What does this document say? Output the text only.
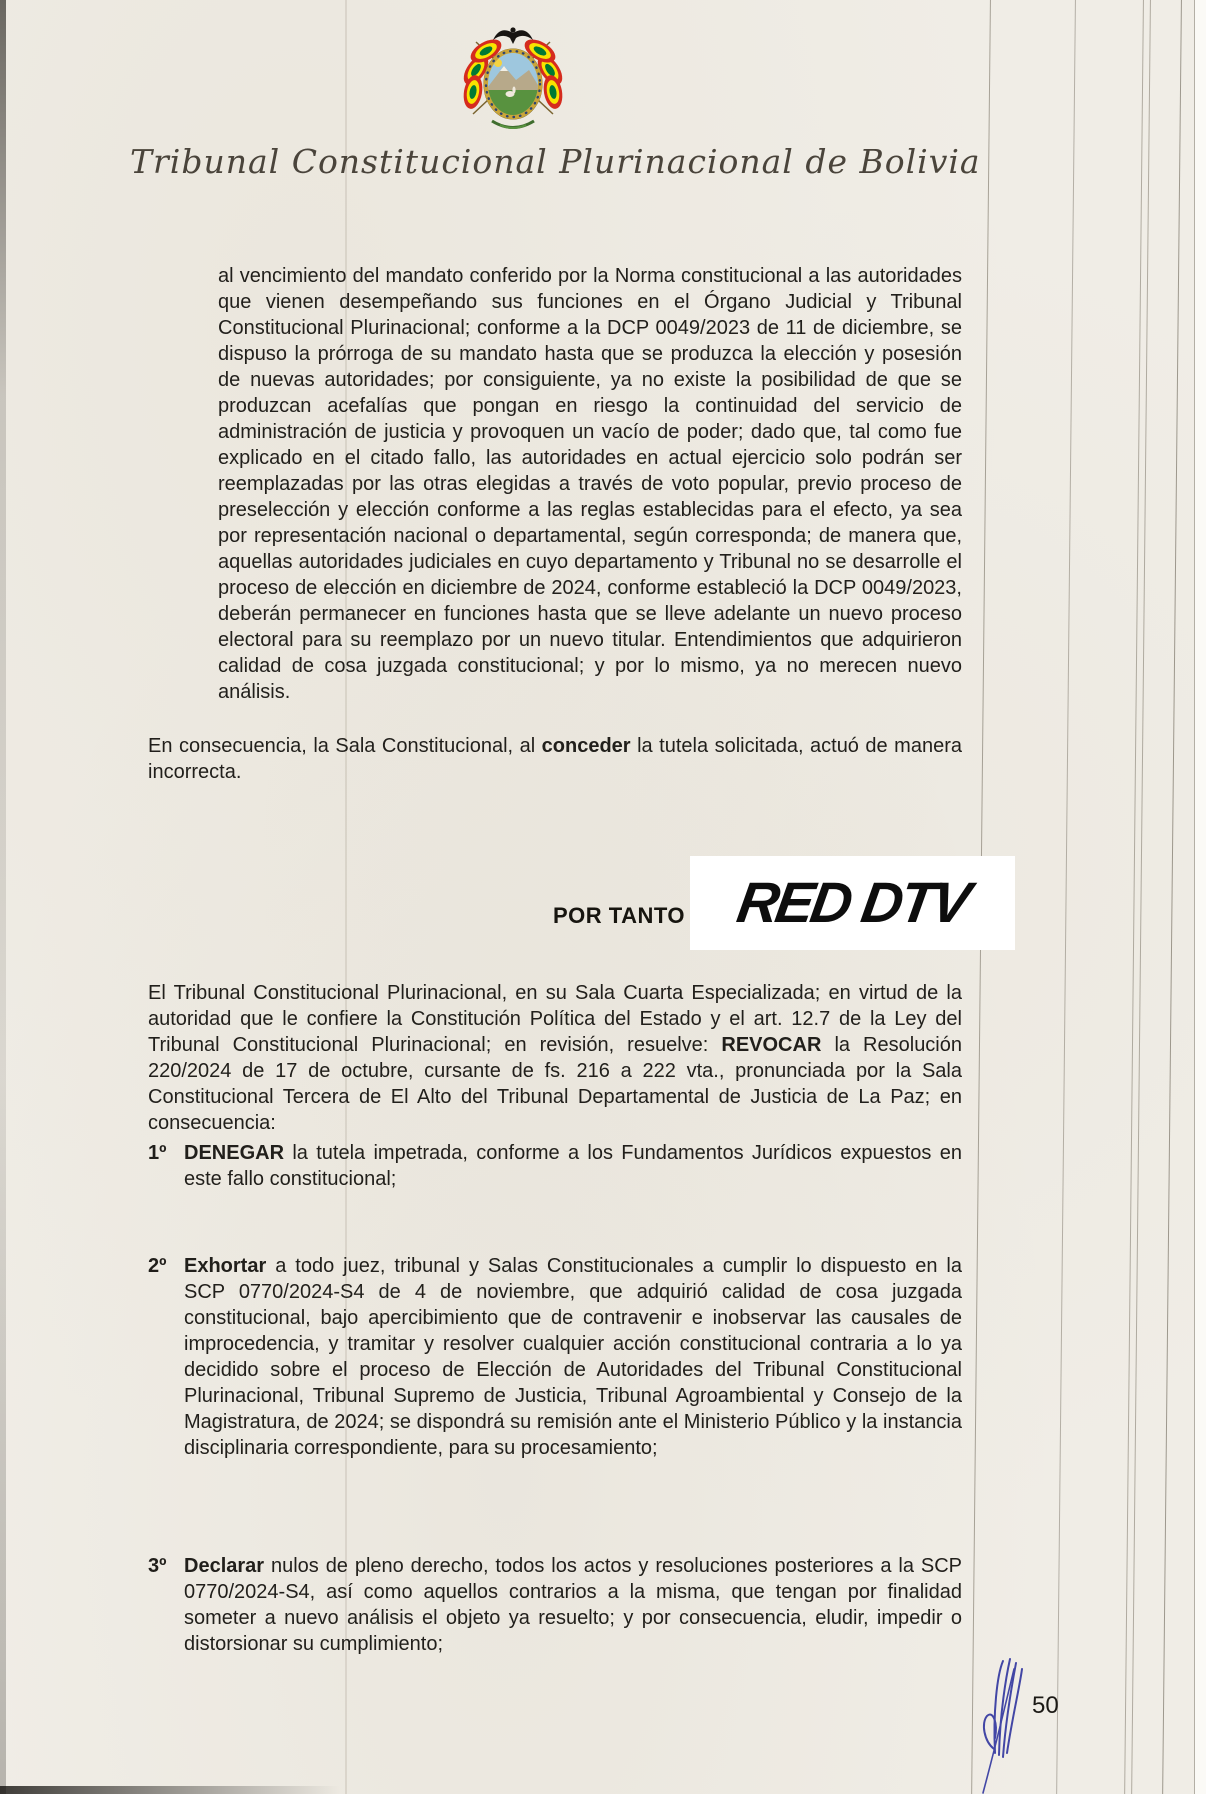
Tribunal Constitucional Plurinacional de Bolivia

al vencimiento del mandato conferido por la Norma constitucional a las autoridades que vienen desempeñando sus funciones en el Órgano Judicial y Tribunal Constitucional Plurinacional; conforme a la DCP 0049/2023 de 11 de diciembre, se dispuso la prórroga de su mandato hasta que se produzca la elección y posesión de nuevas autoridades; por consiguiente, ya no existe la posibilidad de que se produzcan acefalías que pongan en riesgo la continuidad del servicio de administración de justicia y provoquen un vacío de poder; dado que, tal como fue explicado en el citado fallo, las autoridades en actual ejercicio solo podrán ser reemplazadas por las otras elegidas a través de voto popular, previo proceso de preselección y elección conforme a las reglas establecidas para el efecto, ya sea por representación nacional o departamental, según corresponda; de manera que, aquellas autoridades judiciales en cuyo departamento y Tribunal no se desarrolle el proceso de elección en diciembre de 2024, conforme estableció la DCP 0049/2023, deberán permanecer en funciones hasta que se lleve adelante un nuevo proceso electoral para su reemplazo por un nuevo titular. Entendimientos que adquirieron calidad de cosa juzgada constitucional; y por lo mismo, ya no merecen nuevo análisis.

En consecuencia, la Sala Constitucional, al conceder la tutela solicitada, actuó de manera incorrecta.

POR TANTO RED DTV

El Tribunal Constitucional Plurinacional, en su Sala Cuarta Especializada; en virtud de la autoridad que le confiere la Constitución Política del Estado y el art. 12.7 de la Ley del Tribunal Constitucional Plurinacional; en revisión, resuelve: REVOCAR la Resolución 220/2024 de 17 de octubre, cursante de fs. 216 a 222 vta., pronunciada por la Sala Constitucional Tercera de El Alto del Tribunal Departamental de Justicia de La Paz; en consecuencia:

1º DENEGAR la tutela impetrada, conforme a los Fundamentos Jurídicos expuestos en este fallo constitucional;

2º Exhortar a todo juez, tribunal y Salas Constitucionales a cumplir lo dispuesto en la SCP 0770/2024-S4 de 4 de noviembre, que adquirió calidad de cosa juzgada constitucional, bajo apercibimiento que de contravenir e inobservar las causales de improcedencia, y tramitar y resolver cualquier acción constitucional contraria a lo ya decidido sobre el proceso de Elección de Autoridades del Tribunal Constitucional Plurinacional, Tribunal Supremo de Justicia, Tribunal Agroambiental y Consejo de la Magistratura, de 2024; se dispondrá su remisión ante el Ministerio Público y la instancia disciplinaria correspondiente, para su procesamiento;

3º Declarar nulos de pleno derecho, todos los actos y resoluciones posteriores a la SCP 0770/2024-S4, así como aquellos contrarios a la misma, que tengan por finalidad someter a nuevo análisis el objeto ya resuelto; y por consecuencia, eludir, impedir o distorsionar su cumplimiento;

50
